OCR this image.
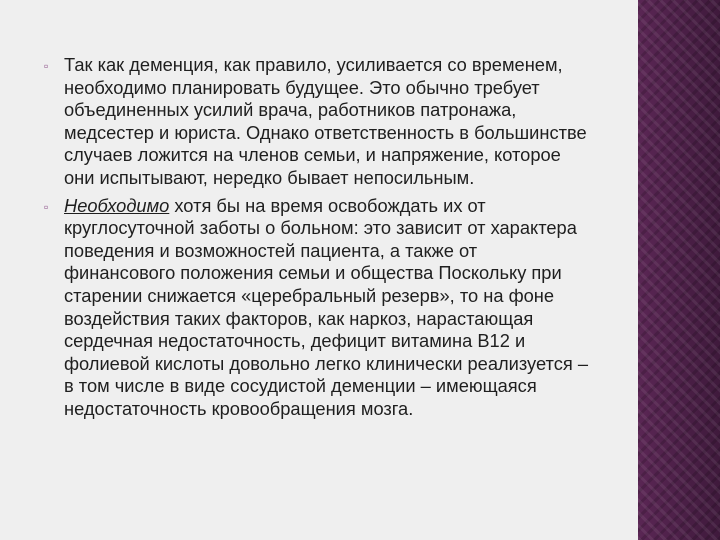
▫ Так как деменция, как правило, усиливается со временем, необходимо планировать будущее. Это обычно требует объединенных усилий врача, работников патронажа, медсестер и юриста. Однако ответственность в большинстве случаев ложится на членов семьи, и напряжение, которое они испытывают, нередко бывает непосильным.
▫ Необходимо хотя бы на время освобождать их от круглосуточной заботы о больном: это зависит от характера поведения и возможностей пациента, а также от финансового положения семьи и общества Поскольку при старении снижается «церебральный резерв», то на фоне воздействия таких факторов, как наркоз, нарастающая сердечная недостаточность, дефицит витамина В12 и фолиевой кислоты довольно легко клинически реализуется – в том числе в виде сосудистой деменции – имеющаяся недостаточность кровообращения мозга.
